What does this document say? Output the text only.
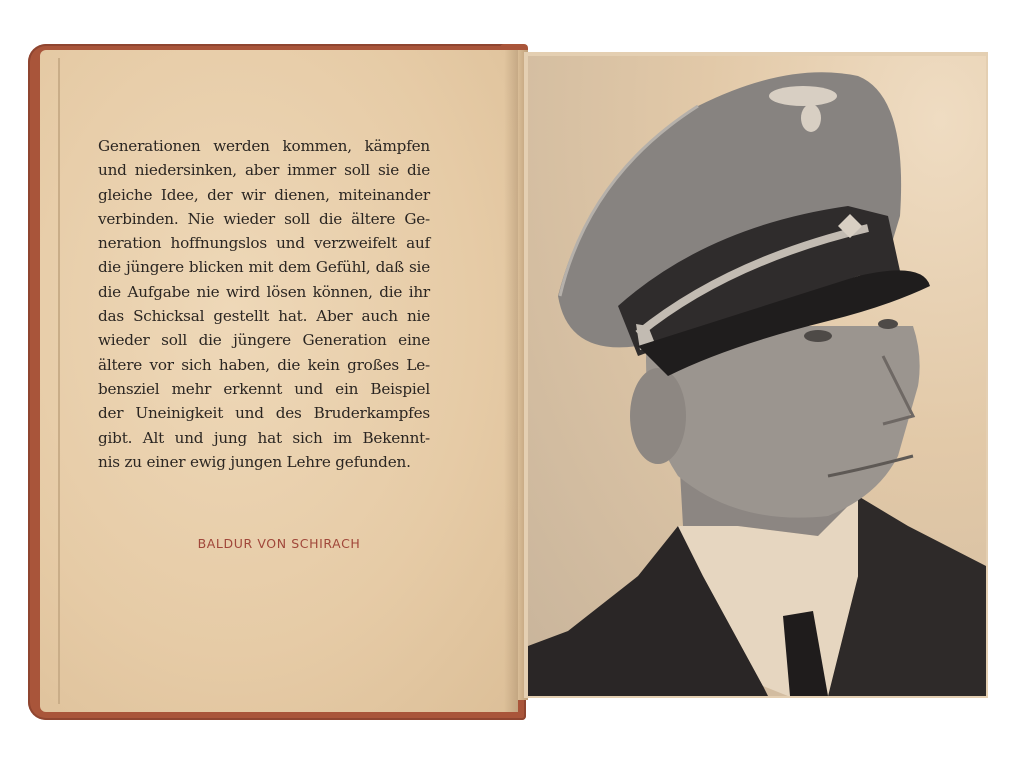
Generationen werden kommen, kämpfen
und niedersinken, aber immer soll sie die
gleiche Idee, der wir dienen, miteinander
verbinden. Nie wieder soll die ältere Ge-
neration hoffnungslos und verzweifelt auf
die jüngere blicken mit dem Gefühl, daß sie
die Aufgabe nie wird lösen können, die ihr
das Schicksal gestellt hat. Aber auch nie
wieder soll die jüngere Generation eine
ältere vor sich haben, die kein großes Le-
bensziel mehr erkennt und ein Beispiel
der Uneinigkeit und des Bruderkampfes
gibt. Alt und jung hat sich im Bekennt-
nis zu einer ewig jungen Lehre gefunden.
BALDUR VON SCHIRACH
